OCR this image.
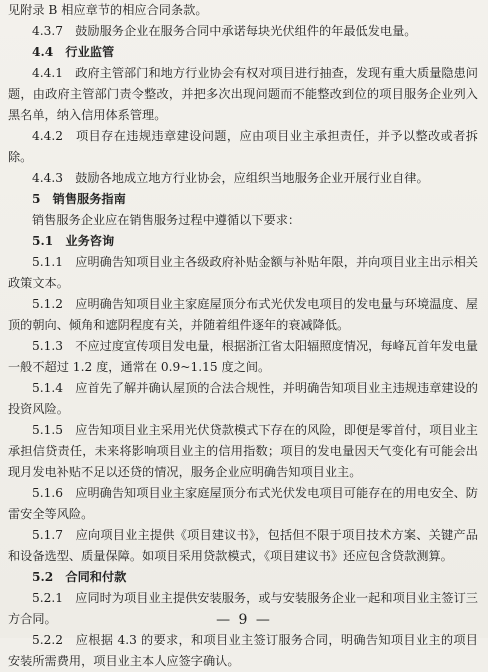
见附录 B 相应章节的相应合同条款。

4.3.7　鼓励服务企业在服务合同中承诺每块光伏组件的年最低发电量。

4.4　行业监管

4.4.1　政府主管部门和地方行业协会有权对项目进行抽查，发现有重大质量隐患问题，由政府主管部门责令整改，并把多次出现问题而不能整改到位的项目服务企业列入黑名单，纳入信用体系管理。

4.4.2　项目存在违规违章建设问题，应由项目业主承担责任，并予以整改或者拆除。

4.4.3　鼓励各地成立地方行业协会，应组织当地服务企业开展行业自律。

5　销售服务指南

销售服务企业应在销售服务过程中遵循以下要求：

5.1　业务咨询

5.1.1　应明确告知项目业主各级政府补贴金额与补贴年限，并向项目业主出示相关政策文本。

5.1.2　应明确告知项目业主家庭屋顶分布式光伏发电项目的发电量与环境温度、屋顶的朝向、倾角和遮阴程度有关，并随着组件逐年的衰减降低。

5.1.3　不应过度宣传项目发电量，根据浙江省太阳辐照度情况，每峰瓦首年发电量一般不超过 1.2 度，通常在 0.9~1.15 度之间。

5.1.4　应首先了解并确认屋顶的合法合规性，并明确告知项目业主违规违章建设的投资风险。

5.1.5　应告知项目业主采用光伏贷款模式下存在的风险，即便是零首付，项目业主承担信贷责任，未来将影响项目业主的信用指数；项目的发电量因天气变化有可能会出现月发电补贴不足以还贷的情况，服务企业应明确告知项目业主。

5.1.6　应明确告知项目业主家庭屋顶分布式光伏发电项目可能存在的用电安全、防雷安全等风险。

5.1.7　应向项目业主提供《项目建议书》，包括但不限于项目技术方案、关键产品和设备选型、质量保障。如项目采用贷款模式，《项目建议书》还应包含贷款测算。

5.2　合同和付款

5.2.1　应同时为项目业主提供安装服务，或与安装服务企业一起和项目业主签订三方合同。

5.2.2　应根据 4.3 的要求，和项目业主签订服务合同，明确告知项目业主的项目安装所需费用，项目业主本人应签字确认。

— 9 —
